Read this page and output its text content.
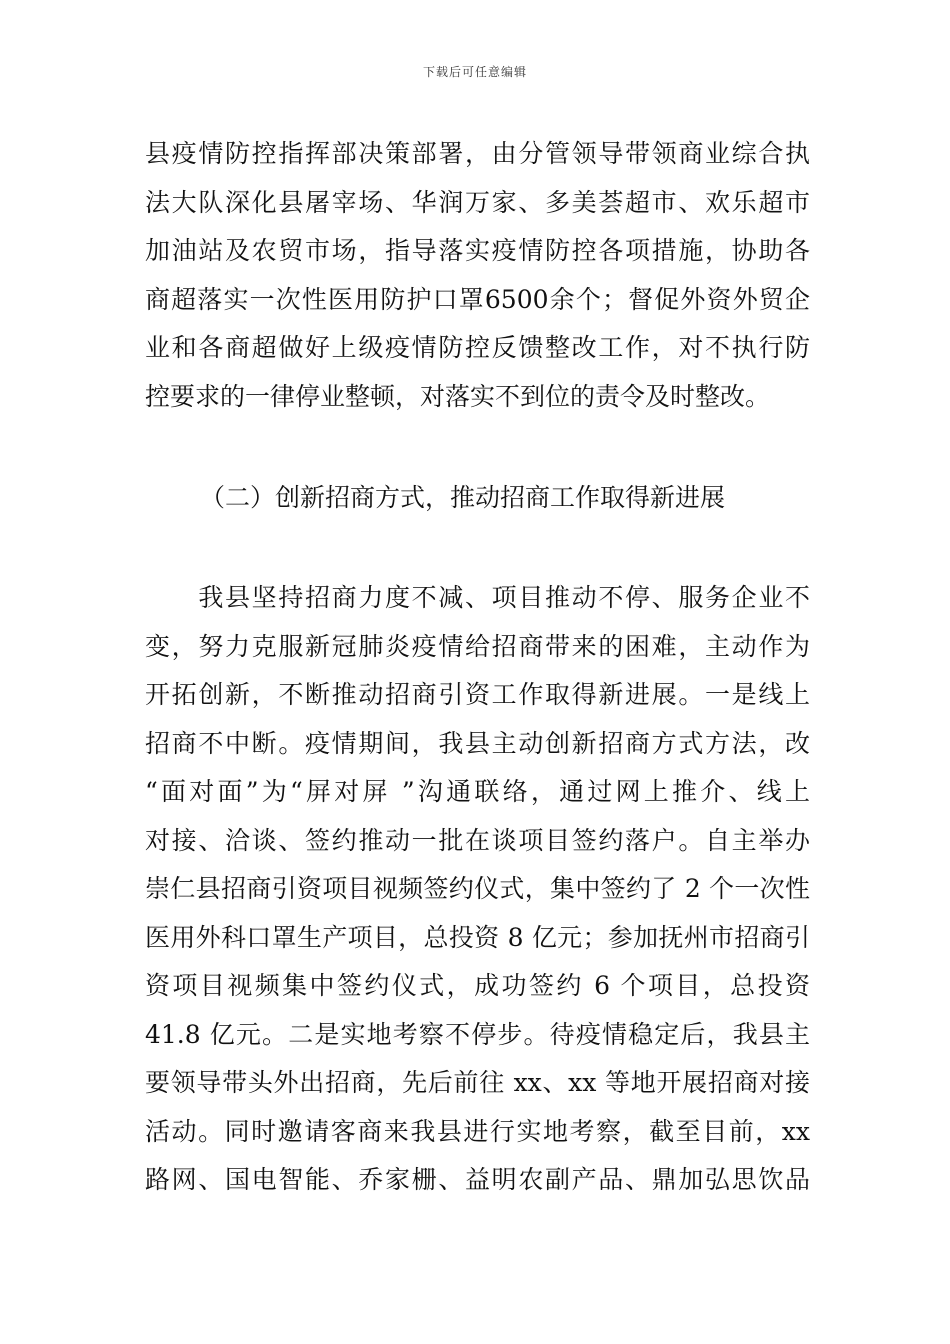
下载后可任意编辑
县疫情防控指挥部决策部署，由分管领导带领商业综合执
法大队深化县屠宰场、华润万家、多美荟超市、欢乐超市
加油站及农贸市场，指导落实疫情防控各项措施，协助各
商超落实一次性医用防护口罩6500余个；督促外资外贸企
业和各商超做好上级疫情防控反馈整改工作，对不执行防
控要求的一律停业整顿，对落实不到位的责令及时整改。
（二）创新招商方式，推动招商工作取得新进展
　　我县坚持招商力度不减、项目推动不停、服务企业不
变，努力克服新冠肺炎疫情给招商带来的困难，主动作为
开拓创新，不断推动招商引资工作取得新进展。一是线上
招商不中断。疫情期间，我县主动创新招商方式方法，改
“面对面”为“屏对屏 ”沟通联络，通过网上推介、线上
对接、洽谈、签约推动一批在谈项目签约落户。自主举办
崇仁县招商引资项目视频签约仪式，集中签约了 2 个一次性
医用外科口罩生产项目，总投资 8 亿元；参加抚州市招商引
资项目视频集中签约仪式，成功签约 6 个项目，总投资
41.8 亿元。二是实地考察不停步。待疫情稳定后，我县主
要领导带头外出招商，先后前往 xx、xx 等地开展招商对接
活动。同时邀请客商来我县进行实地考察，截至目前，xx
路网、国电智能、乔家栅、益明农副产品、鼎加弘思饮品
